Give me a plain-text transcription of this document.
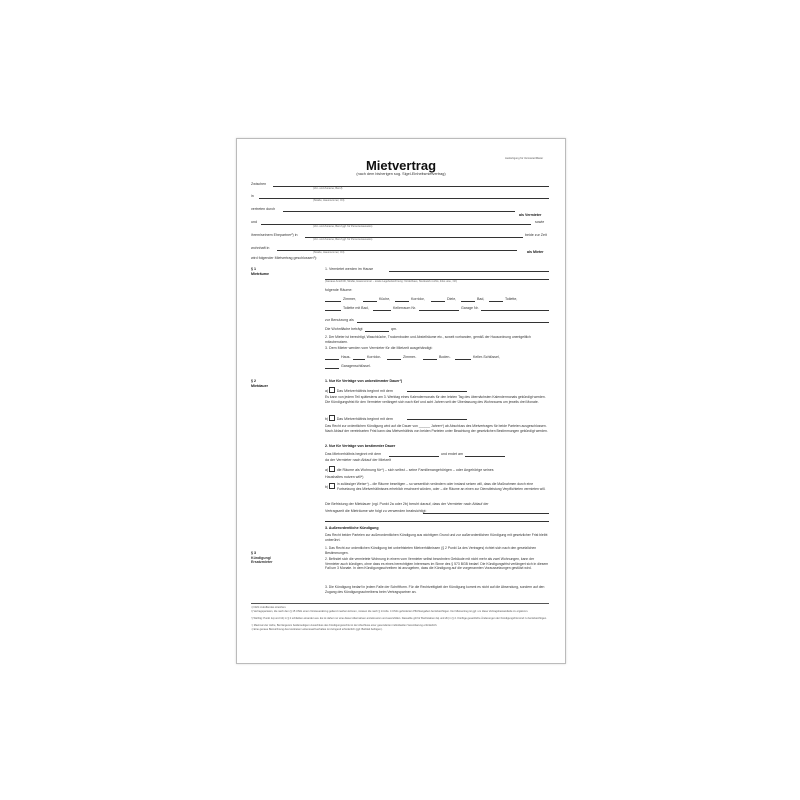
Ausfertigung für Vermieter/Mieter
Mietvertrag
(nach dem bisherigen sog. Sigel-Einheitsmietvertrag)
Zwischen
(Vor- und Zuname, Beruf)
in
(Straße, Hausnummer, Ort)
vertreten durch
als Vermieter
und	sowie
(Vor- und Zuname, Beruf ggf. für Personenausweis)
ihrem/seinem Ehepartner²) in	beide zur Zeit
(Vor- und Zuname, Beruf ggf. für Personenausweis)
wohnhaft in
als Mieter
(Straße, Hausnummer, Ort)
wird folgender Mietvertrag geschlossen³):
§ 1
Mieträume
1. Vermietet werden im Hause
(Genaue Anschrift, Straße, Hausnummer – sowie Lagebezeichnung: Vorderhaus, Stockwerk rechts, links usw., Ort)
folgende Räume:
Zimmer,	Küche,	Korridor,	Diele,	Bad,	Toilette,
Toilette mit Bad,	Kellerraum Nr.	Garage Nr.
zur Benutzung als
Die Wohnfläche beträgt	qm.
2. Der Mieter ist berechtigt, Waschküche, Trockenboden und Abstellräume etc., soweit vorhanden, gemäß der Hausordnung unentgeltlich mitzubenutzen.
3. Dem Mieter werden vom Vermieter für die Mietzeit ausgehändigt:
Haus-	Korridor-	Zimmer-	Boden-	Keller-Schlüssel,
Garagenschlüssel.
§ 2
Mietdauer
1. Nur für Verträge von unbestimmter Dauer¹)
a) Das Mietverhältnis beginnt mit dem
Es kann von jedem Teil spätestens am 3. Werktag eines Kalendermonats für den letzten Tag des übernächsten Kalendermonats gekündigt werden. Die Kündigungsfrist für den Vermieter verlängert sich nach fünf und acht Jahren seit der Überlassung des Wohnraums um jeweils drei Monate.
b) Das Mietverhältnis beginnt mit dem
Das Recht zur ordentlichen Kündigung wird auf die Dauer von ______ Jahren⁶) ab Abschluss des Mietvertrages für beide Parteien ausgeschlossen. Nach Ablauf der vereinbarten Frist kann das Mietverhältnis von beiden Parteien unter Beachtung der gesetzlichen Bestimmungen gekündigt werden.
2. Nur für Verträge von bestimmter Dauer
Das Mietverhältnis beginnt mit dem	und endet am
da der Vermieter nach Ablauf der Mietzeit
a) die Räume als Wohnung für⁴) – sich selbst – seine Familienangehörigen – oder Angehörige seines
Haushaltes nutzen will⁴)
b)
in zulässiger Weise⁴) – die Räume beseitigen – so wesentlich verändern oder instand setzen will, dass die Maßnahmen durch eine Fortsetzung des Mietverhältnisses erheblich erschwert würden, oder – die Räume an einen zur Dienstleistung Verpflichteten vermieten will.
Die Befristung der Mietdauer (vgl. Punkt 2a oder 2b) beruht darauf, dass der Vermieter nach Ablauf der
Vertragszeit die Mieträume wie folgt zu verwenden beabsichtigt:
3. Außerordentliche Kündigung
Das Recht beider Parteien zur außerordentlichen Kündigung aus wichtigem Grund und zur außerordentlichen Kündigung mit gesetzlicher Frist bleibt unberührt.
§ 3
Kündigung/ Ersatzmieter
1. Das Recht zur ordentlichen Kündigung bei unbefristeten Mietverhältnissen (§ 2 Punkt 1a des Vertrages) richtet sich nach den gesetzlichen Bestimmungen.
2. Befindet sich die vermietete Wohnung in einem vom Vermieter selbst bewohnten Gebäude mit nicht mehr als zwei Wohnungen, kann der Vermieter auch kündigen, ohne dass es eines berechtigten Interesses im Sinne des § 573 BGB bedarf. Die Kündigungsfrist verlängert sich in diesem Fall um 3 Monate. In dem Kündigungsschreiben ist anzugeben, dass die Kündigung auf die vorgenannten Voraussetzungen gestützt wird.
3. Die Kündigung bedarf in jedem Falle der Schriftform. Für die Rechtzeitigkeit der Kündigung kommt es nicht auf die Absendung, sondern auf den Zugang des Kündigungsschreibens beim Vertragspartner an.
¹) Nicht zutreffendes streichen.
²) Vertragsparteien, die nach dem § 15 UStG einen Vorsteuerabzug geltend machen können, müssen die nach § 14 Abs. 4 UStG geforderten Pflichtangaben berücksichtigen. Der Mietvertrag ist ggf. um diese Vertragsbestandteile zu ergänzen.
³) Wichtig: Punkt 1a) und 1b) in § 2 schließen einander aus. Es ist daher nur eine dieser Alternativen anzukreuzen und auszufüllen. Dasselbe gilt für Buchstaben 2a) und 2b) in § 2. Künftige gesetzliche Änderungen der Kündigungsfrist sind zu berücksichtigen.
⁴) Maximal vier Jahre, Bei längerem beiderseitigem Ausschluss des Kündigungsrechts ist der Abschluss einer gesonderten individuellen Vereinbarung erforderlich.
⁵) Eine genaue Bezeichnung des konkreten Lebenssachverhaltes ist zwingend erforderlich (ggf. Beiblatt beifügen).
